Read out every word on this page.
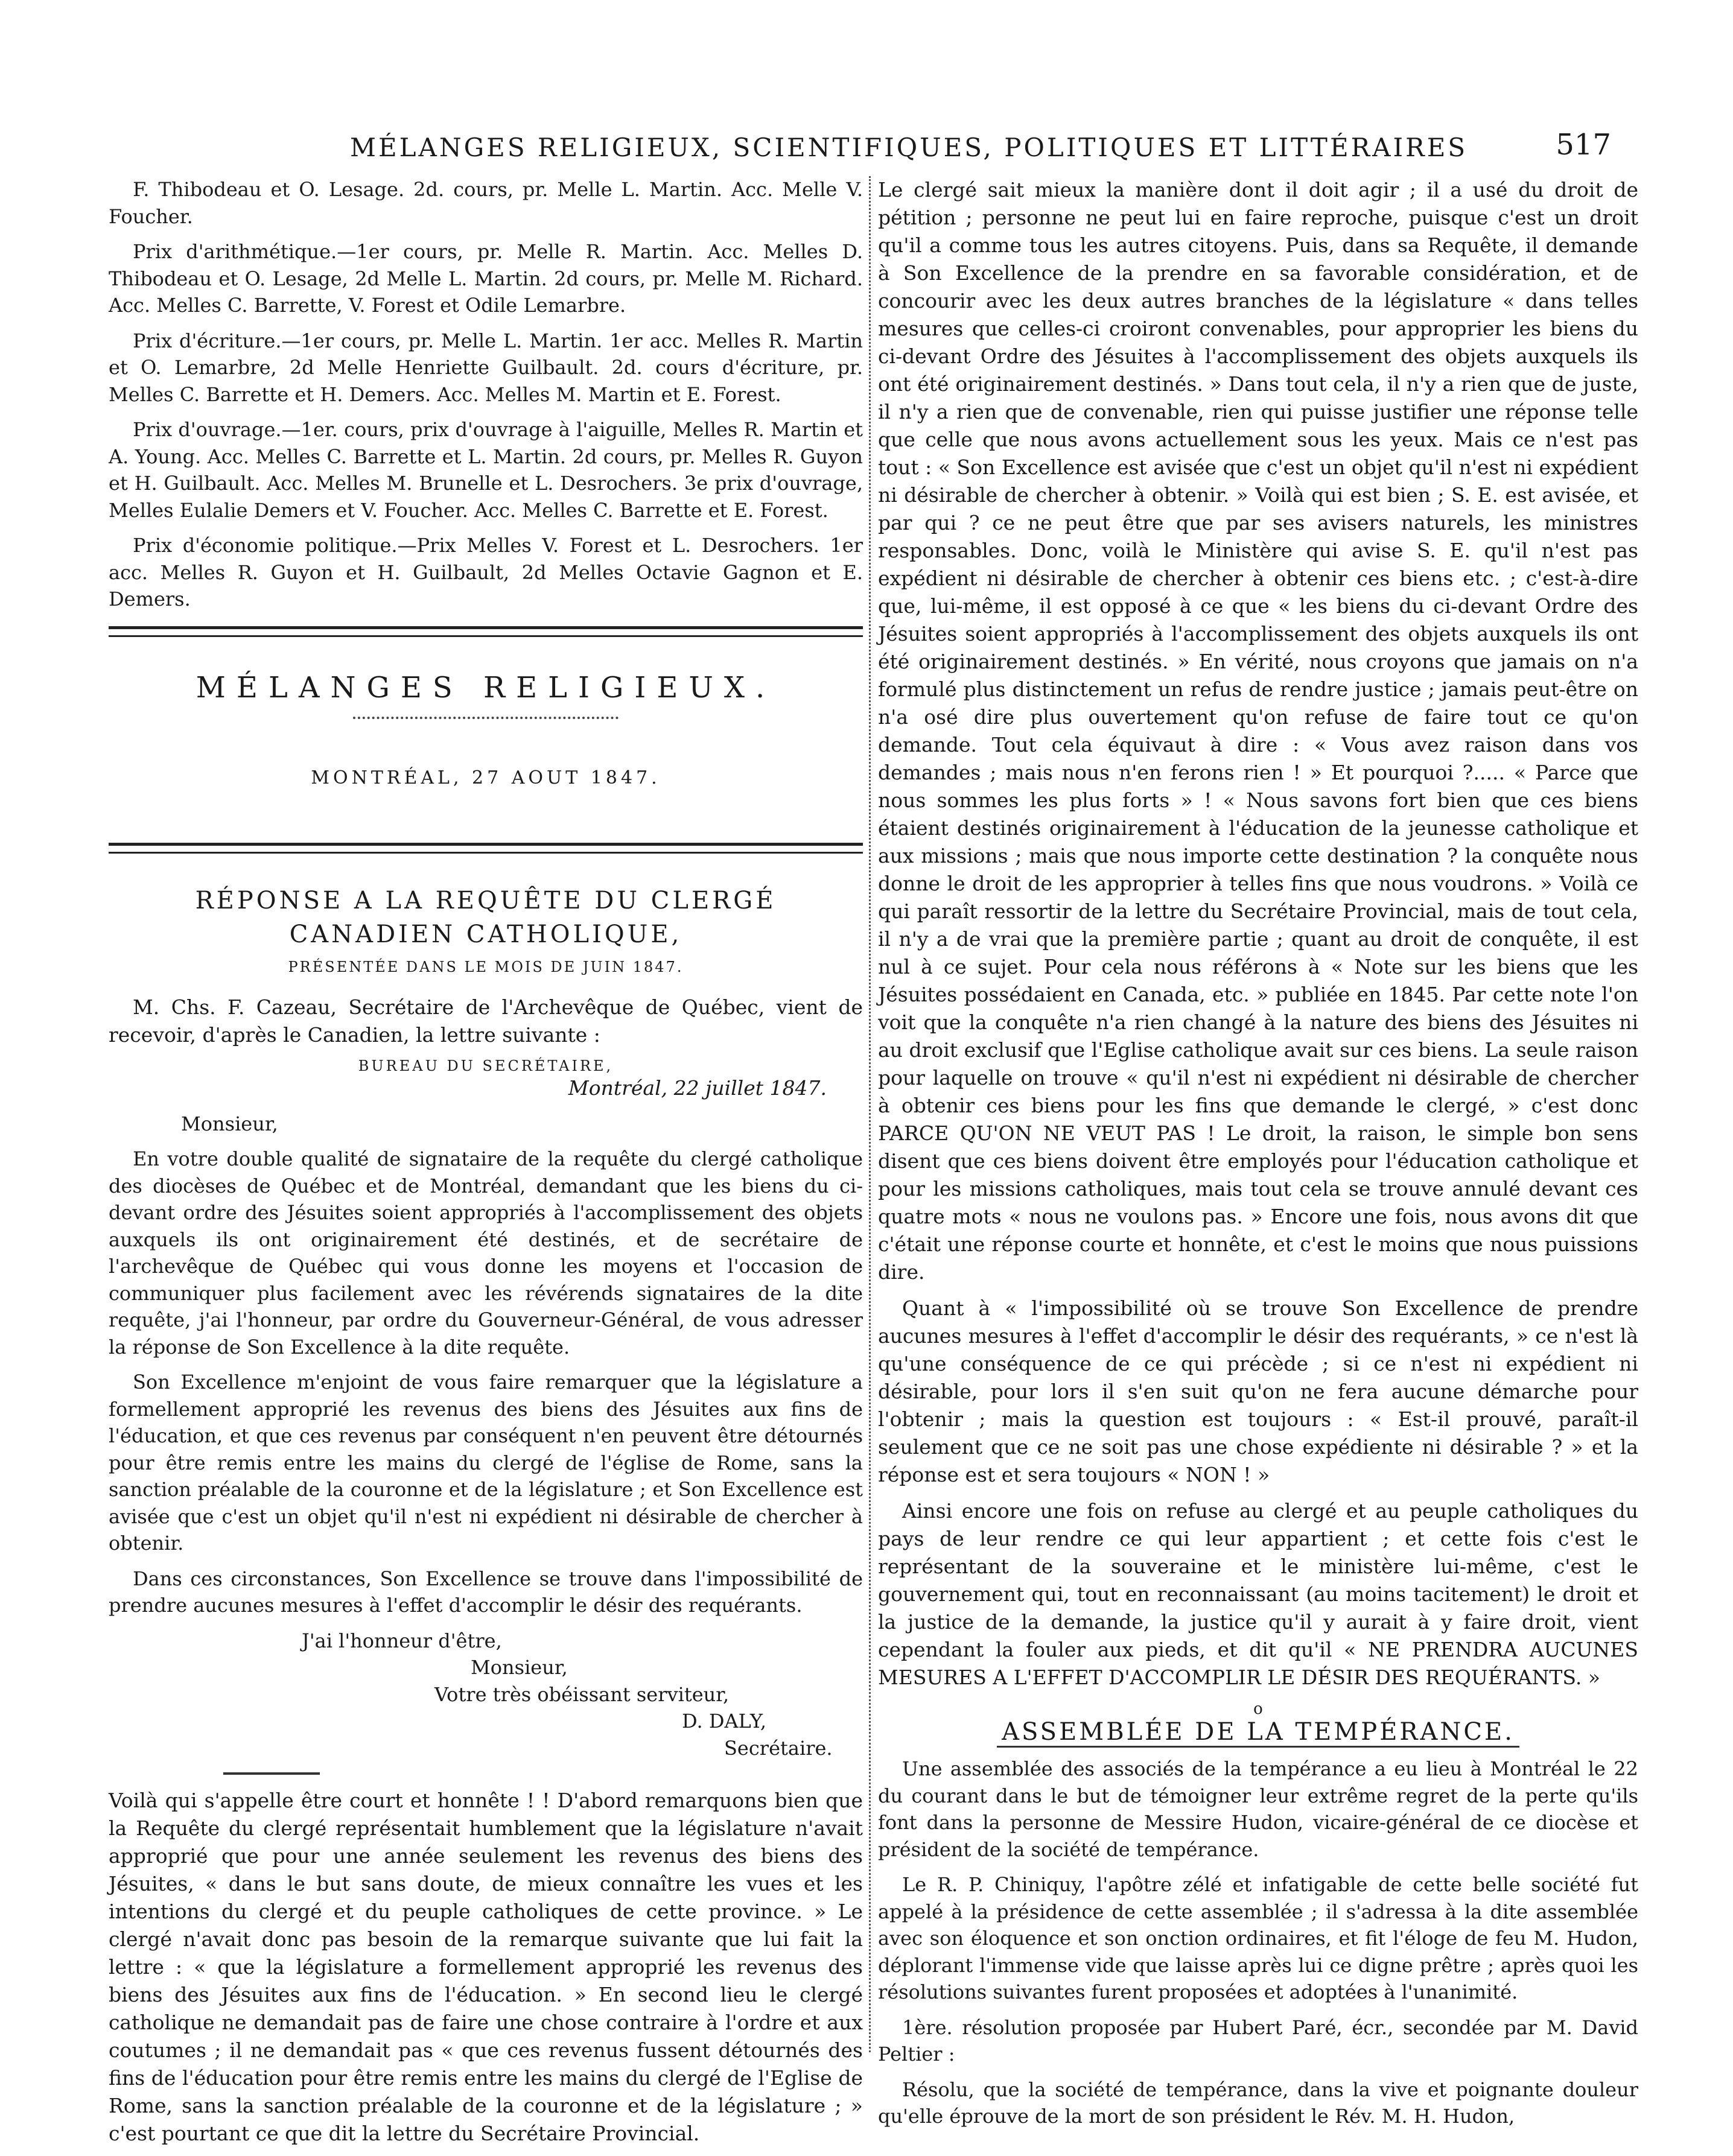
MÉLANGES RELIGIEUX, SCIENTIFIQUES, POLITIQUES ET LITTÉRAIRES	517

F. Thibodeau et O. Lesage. 2d. cours, pr. Melle L. Martin. Acc. Melle V. Foucher.

Prix d'arithmétique.—1er cours, pr. Melle R. Martin. Acc. Melles D. Thibodeau et O. Lesage, 2d Melle L. Martin. 2d cours, pr. Melle M. Richard. Acc. Melles C. Barrette, V. Forest et Odile Lemarbre.

Prix d'écriture.—1er cours, pr. Melle L. Martin. 1er acc. Melles R. Martin et O. Lemarbre, 2d Melle Henriette Guilbault. 2d. cours d'écriture, pr. Melles C. Barrette et H. Demers. Acc. Melles M. Martin et E. Forest.

Prix d'ouvrage.—1er. cours, prix d'ouvrage à l'aiguille, Melles R. Martin et A. Young. Acc. Melles C. Barrette et L. Martin. 2d cours, pr. Melles R. Guyon et H. Guilbault. Acc. Melles M. Brunelle et L. Desrochers. 3e prix d'ouvrage, Melles Eulalie Demers et V. Foucher. Acc. Melles C. Barrette et E. Forest.

Prix d'économie politique.—Prix Melles V. Forest et L. Desrochers. 1er acc. Melles R. Guyon et H. Guilbault, 2d Melles Octavie Gagnon et E. Demers.

MÉLANGES RELIGIEUX.
MONTRÉAL, 27 AOUT 1847.
RÉPONSE A LA REQUÊTE DU CLERGÉ CANADIEN CATHOLIQUE,
PRÉSENTÉE DANS LE MOIS DE JUIN 1847.

M. Chs. F. Cazeau, Secrétaire de l'Archevêque de Québec, vient de recevoir, d'après le Canadien, la lettre suivante :

BUREAU DU SECRÉTAIRE,

Montréal, 22 juillet 1847.

Monsieur,

En votre double qualité de signataire de la requête du clergé catholique des diocèses de Québec et de Montréal, demandant que les biens du ci-devant ordre des Jésuites soient appropriés à l'accomplissement des objets auxquels ils ont originairement été destinés, et de secrétaire de l'archevêque de Québec qui vous donne les moyens et l'occasion de communiquer plus facilement avec les révérends signataires de la dite requête, j'ai l'honneur, par ordre du Gouverneur-Général, de vous adresser la réponse de Son Excellence à la dite requête.

Son Excellence m'enjoint de vous faire remarquer que la législature a formellement approprié les revenus des biens des Jésuites aux fins de l'éducation, et que ces revenus par conséquent n'en peuvent être détournés pour être remis entre les mains du clergé de l'église de Rome, sans la sanction préalable de la couronne et de la législature ; et Son Excellence est avisée que c'est un objet qu'il n'est ni expédient ni désirable de chercher à obtenir.

Dans ces circonstances, Son Excellence se trouve dans l'impossibilité de prendre aucunes mesures à l'effet d'accomplir le désir des requérants.

J'ai l'honneur d'être,

Monsieur,

Votre très obéissant serviteur,

D. DALY,

Secrétaire.

Voilà qui s'appelle être court et honnête ! ! D'abord remarquons bien que la Requête du clergé représentait humblement que la législature n'avait approprié que pour une année seulement les revenus des biens des Jésuites, « dans le but sans doute, de mieux connaître les vues et les intentions du clergé et du peuple catholiques de cette province. » Le clergé n'avait donc pas besoin de la remarque suivante que lui fait la lettre : « que la législature a formellement approprié les revenus des biens des Jésuites aux fins de l'éducation. » En second lieu le clergé catholique ne demandait pas de faire une chose contraire à l'ordre et aux coutumes ; il ne demandait pas « que ces revenus fussent détournés des fins de l'éducation pour être remis entre les mains du clergé de l'Eglise de Rome, sans la sanction préalable de la couronne et de la législature ; » c'est pourtant ce que dit la lettre du Secrétaire Provincial.

Le clergé sait mieux la manière dont il doit agir ; il a usé du droit de pétition ; personne ne peut lui en faire reproche, puisque c'est un droit qu'il a comme tous les autres citoyens. Puis, dans sa Requête, il demande à Son Excellence de la prendre en sa favorable considération, et de concourir avec les deux autres branches de la législature « dans telles mesures que celles-ci croiront convenables, pour approprier les biens du ci-devant Ordre des Jésuites à l'accomplissement des objets auxquels ils ont été originairement destinés. » Dans tout cela, il n'y a rien que de juste, il n'y a rien que de convenable, rien qui puisse justifier une réponse telle que celle que nous avons actuellement sous les yeux. Mais ce n'est pas tout : « Son Excellence est avisée que c'est un objet qu'il n'est ni expédient ni désirable de chercher à obtenir. » Voilà qui est bien ; S. E. est avisée, et par qui ? ce ne peut être que par ses avisers naturels, les ministres responsables. Donc, voilà le Ministère qui avise S. E. qu'il n'est pas expédient ni désirable de chercher à obtenir ces biens etc. ; c'est-à-dire que, lui-même, il est opposé à ce que « les biens du ci-devant Ordre des Jésuites soient appropriés à l'accomplissement des objets auxquels ils ont été originairement destinés. » En vérité, nous croyons que jamais on n'a formulé plus distinctement un refus de rendre justice ; jamais peut-être on n'a osé dire plus ouvertement qu'on refuse de faire tout ce qu'on demande. Tout cela équivaut à dire : « Vous avez raison dans vos demandes ; mais nous n'en ferons rien ! » Et pourquoi ?..... « Parce que nous sommes les plus forts » ! « Nous savons fort bien que ces biens étaient destinés originairement à l'éducation de la jeunesse catholique et aux missions ; mais que nous importe cette destination ? la conquête nous donne le droit de les approprier à telles fins que nous voudrons. » Voilà ce qui paraît ressortir de la lettre du Secrétaire Provincial, mais de tout cela, il n'y a de vrai que la première partie ; quant au droit de conquête, il est nul à ce sujet. Pour cela nous référons à « Note sur les biens que les Jésuites possédaient en Canada, etc. » publiée en 1845. Par cette note l'on voit que la conquête n'a rien changé à la nature des biens des Jésuites ni au droit exclusif que l'Eglise catholique avait sur ces biens. La seule raison pour laquelle on trouve « qu'il n'est ni expédient ni désirable de chercher à obtenir ces biens pour les fins que demande le clergé, » c'est donc PARCE QU'ON NE VEUT PAS ! Le droit, la raison, le simple bon sens disent que ces biens doivent être employés pour l'éducation catholique et pour les missions catholiques, mais tout cela se trouve annulé devant ces quatre mots « nous ne voulons pas. » Encore une fois, nous avons dit que c'était une réponse courte et honnête, et c'est le moins que nous puissions dire.

Quant à « l'impossibilité où se trouve Son Excellence de prendre aucunes mesures à l'effet d'accomplir le désir des requérants, » ce n'est là qu'une conséquence de ce qui précède ; si ce n'est ni expédient ni désirable, pour lors il s'en suit qu'on ne fera aucune démarche pour l'obtenir ; mais la question est toujours : « Est-il prouvé, paraît-il seulement que ce ne soit pas une chose expédiente ni désirable ? » et la réponse est et sera toujours « NON ! »

Ainsi encore une fois on refuse au clergé et au peuple catholiques du pays de leur rendre ce qui leur appartient ; et cette fois c'est le représentant de la souveraine et le ministère lui-même, c'est le gouvernement qui, tout en reconnaissant (au moins tacitement) le droit et la justice de la demande, la justice qu'il y aurait à y faire droit, vient cependant la fouler aux pieds, et dit qu'il « NE PRENDRA AUCUNES MESURES A L'EFFET D'ACCOMPLIR LE DÉSIR DES REQUÉRANTS. »

o
ASSEMBLÉE DE LA TEMPÉRANCE.

Une assemblée des associés de la tempérance a eu lieu à Montréal le 22 du courant dans le but de témoigner leur extrême regret de la perte qu'ils font dans la personne de Messire Hudon, vicaire-général de ce diocèse et président de la société de tempérance.

Le R. P. Chiniquy, l'apôtre zélé et infatigable de cette belle société fut appelé à la présidence de cette assemblée ; il s'adressa à la dite assemblée avec son éloquence et son onction ordinaires, et fit l'éloge de feu M. Hudon, déplorant l'immense vide que laisse après lui ce digne prêtre ; après quoi les résolutions suivantes furent proposées et adoptées à l'unanimité.

1ère. résolution proposée par Hubert Paré, écr., secondée par M. David Peltier :

Résolu, que la société de tempérance, dans la vive et poignante douleur qu'elle éprouve de la mort de son président le Rév. M. H. Hudon,
